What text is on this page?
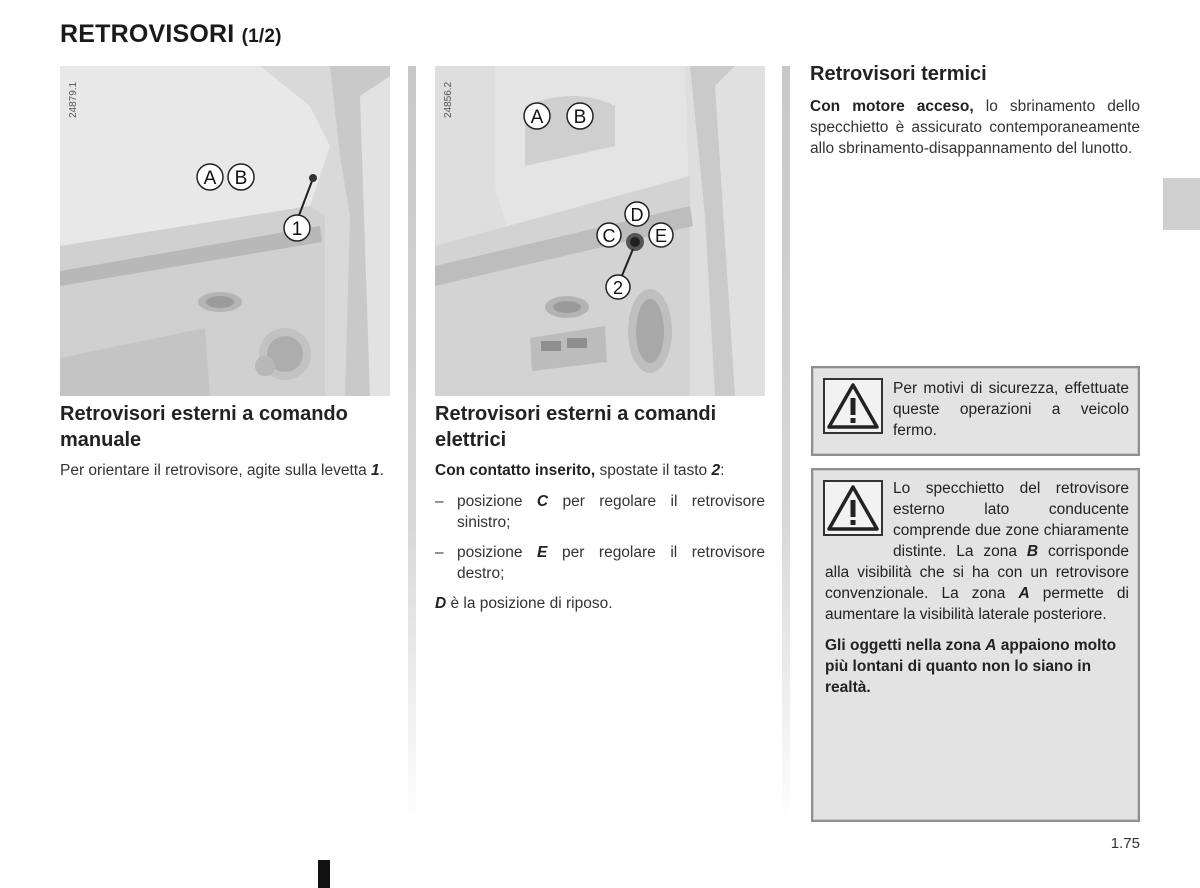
RETROVISORI (1/2)
A B
1
24879.1	A B
D
C E
2
24856.2
Retrovisori esterni a comando manuale

Per orientare il retrovisore, agite sulla levetta 1.

Retrovisori esterni a comandi elettrici

Con contatto inserito, spostate il tasto 2:

– posizione C per regolare il retrovisore sinistro;
– posizione E per regolare il retrovisore destro;

D è la posizione di riposo.

Retrovisori termici

Con motore acceso, lo sbrinamento dello specchietto è assicurato contemporaneamente allo sbrinamento-disappannamento del lunotto.

Per motivi di sicurezza, effettuate queste operazioni a veicolo fermo.

Lo specchietto del retrovisore esterno lato conducente comprende due zone chiaramente distinte. La zona B corrisponde alla visibilità che si ha con un retrovisore convenzionale. La zona A permette di aumentare la visibilità laterale posteriore.

Gli oggetti nella zona A appaiono molto più lontani di quanto non lo siano in realtà.

1.75
